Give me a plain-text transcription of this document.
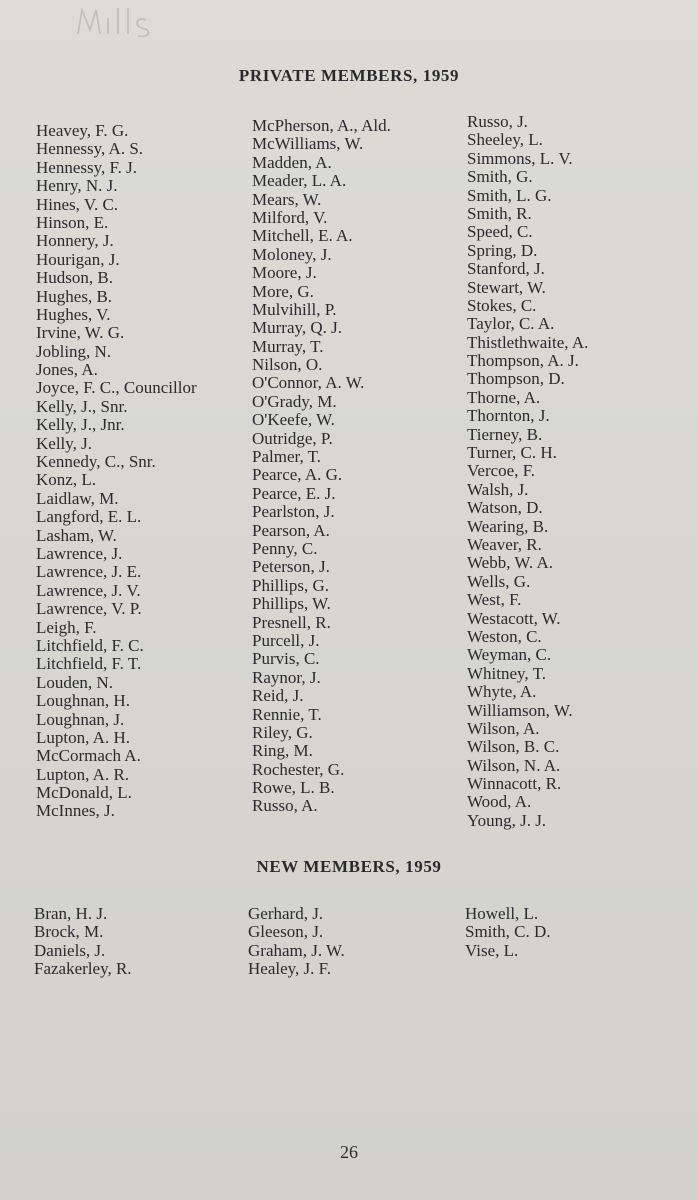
PRIVATE MEMBERS, 1959
Heavey, F. G.
Hennessy, A. S.
Hennessy, F. J.
Henry, N. J.
Hines, V. C.
Hinson, E.
Honnery, J.
Hourigan, J.
Hudson, B.
Hughes, B.
Hughes, V.
Irvine, W. G.
Jobling, N.
Jones, A.
Joyce, F. C., Councillor
Kelly, J., Snr.
Kelly, J., Jnr.
Kelly, J.
Kennedy, C., Snr.
Konz, L.
Laidlaw, M.
Langford, E. L.
Lasham, W.
Lawrence, J.
Lawrence, J. E.
Lawrence, J. V.
Lawrence, V. P.
Leigh, F.
Litchfield, F. C.
Litchfield, F. T.
Louden, N.
Loughnan, H.
Loughnan, J.
Lupton, A. H.
McCormach A.
Lupton, A. R.
McDonald, L.
McInnes, J.
McPherson, A., Ald.
McWilliams, W.
Madden, A.
Meader, L. A.
Mears, W.
Milford, V.
Mitchell, E. A.
Moloney, J.
Moore, J.
More, G.
Mulvihill, P.
Murray, Q. J.
Murray, T.
Nilson, O.
O'Connor, A. W.
O'Grady, M.
O'Keefe, W.
Outridge, P.
Palmer, T.
Pearce, A. G.
Pearce, E. J.
Pearlston, J.
Pearson, A.
Penny, C.
Peterson, J.
Phillips, G.
Phillips, W.
Presnell, R.
Purcell, J.
Purvis, C.
Raynor, J.
Reid, J.
Rennie, T.
Riley, G.
Ring, M.
Rochester, G.
Rowe, L. B.
Russo, A.
Russo, J.
Sheeley, L.
Simmons, L. V.
Smith, G.
Smith, L. G.
Smith, R.
Speed, C.
Spring, D.
Stanford, J.
Stewart, W.
Stokes, C.
Taylor, C. A.
Thistlethwaite, A.
Thompson, A. J.
Thompson, D.
Thorne, A.
Thornton, J.
Tierney, B.
Turner, C. H.
Vercoe, F.
Walsh, J.
Watson, D.
Wearing, B.
Weaver, R.
Webb, W. A.
Wells, G.
West, F.
Westacott, W.
Weston, C.
Weyman, C.
Whitney, T.
Whyte, A.
Williamson, W.
Wilson, A.
Wilson, B. C.
Wilson, N. A.
Winnacott, R.
Wood, A.
Young, J. J.
NEW MEMBERS, 1959
Bran, H. J.
Brock, M.
Daniels, J.
Fazakerley, R.
Gerhard, J.
Gleeson, J.
Graham, J. W.
Healey, J. F.
Howell, L.
Smith, C. D.
Vise, L.
26
